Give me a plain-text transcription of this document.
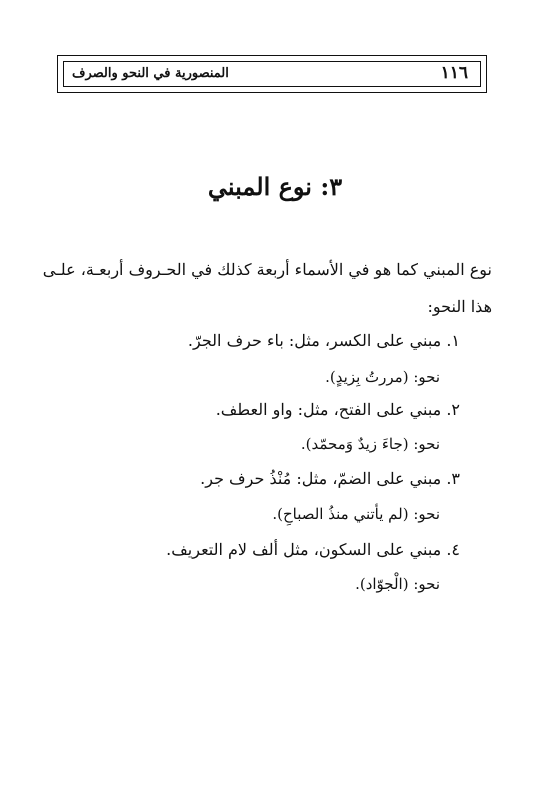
المنصورية في النحو والصرف	١١٦
٣: نوع المبني
نوع المبني كما هو في الأسماء أربعة كذلك في الحـروف أربعـة، علـى
هذا النحو:
١. مبني على الكسر، مثل: باء حرف الجرّ.
نحو: (مررتُ بِزيدٍ).
٢. مبني على الفتح، مثل: واو العطف.
نحو: (جاءَ زيدٌ وَمحمّد).
٣. مبني على الضمّ، مثل: مُنْذُ حرف جر.
نحو: (لم يأتني منذُ الصباحِ).
٤. مبني على السكون، مثل ألف لام التعريف.
نحو: (الْجوّاد).
